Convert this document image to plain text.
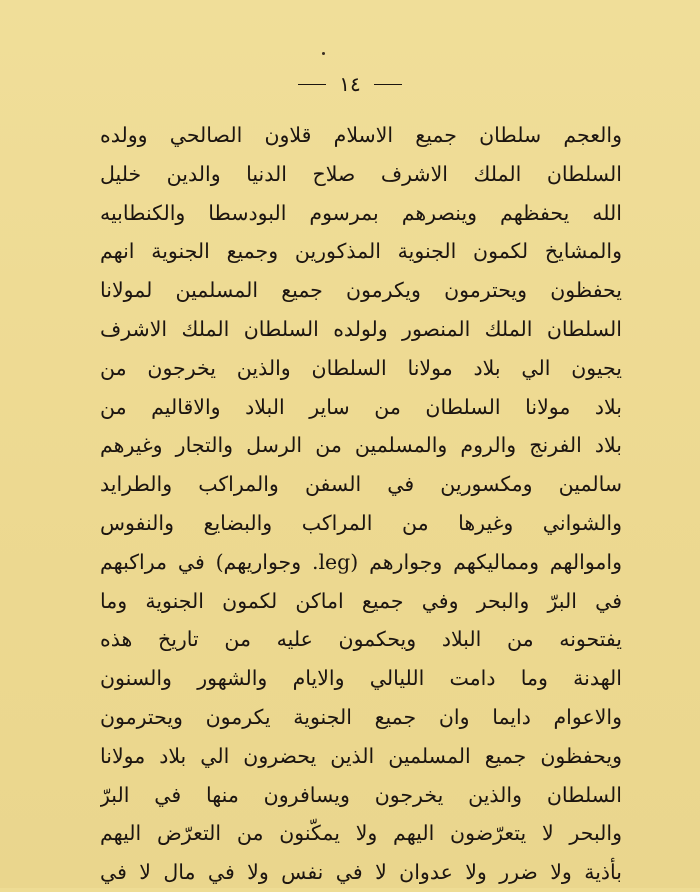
١٤
والعجم سلطان جميع الاسلام قلاون الصالحي وولده
السلطان الملك الاشرف صلاح الدنيا والدين خليل
الله يحفظهم وينصرهم بمرسوم البودسطا والكنطابيه
والمشايخ لكمون الجنوية المذكورين وجميع الجنوية انهم
يحفظون ويحترمون ويكرمون جميع المسلمين لمولانا
السلطان الملك المنصور ولولده السلطان الملك الاشرف
يجيون الي بلاد مولانا السلطان والذين يخرجون من
بلاد مولانا السلطان من ساير البلاد والاقاليم من
بلاد الفرنج والروم والمسلمين من الرسل والتجار وغيرهم
سالمين ومكسورين في السفن والمراكب والطرايد
والشواني وغيرها من المراكب والبضايع والنفوس
واموالهم ومماليكهم وجوارهم (leg. وجواريهم) في مراكبهم
في البرّ والبحر وفي جميع اماكن لكمون الجنوية وما
يفتحونه من البلاد ويحكمون عليه من تاريخ هذه
الهدنة وما دامت الليالي والايام والشهور والسنون
والاعوام دايما وان جميع الجنوية يكرمون ويحترمون
ويحفظون جميع المسلمين الذين يحضرون الي بلاد مولانا
السلطان والذين يخرجون ويسافرون منها في البرّ
والبحر لا يتعرّضون اليهم ولا يمكّنون من التعرّض اليهم
بأذية ولا ضرر ولا عدوان لا في نفس ولا في مال لا في
